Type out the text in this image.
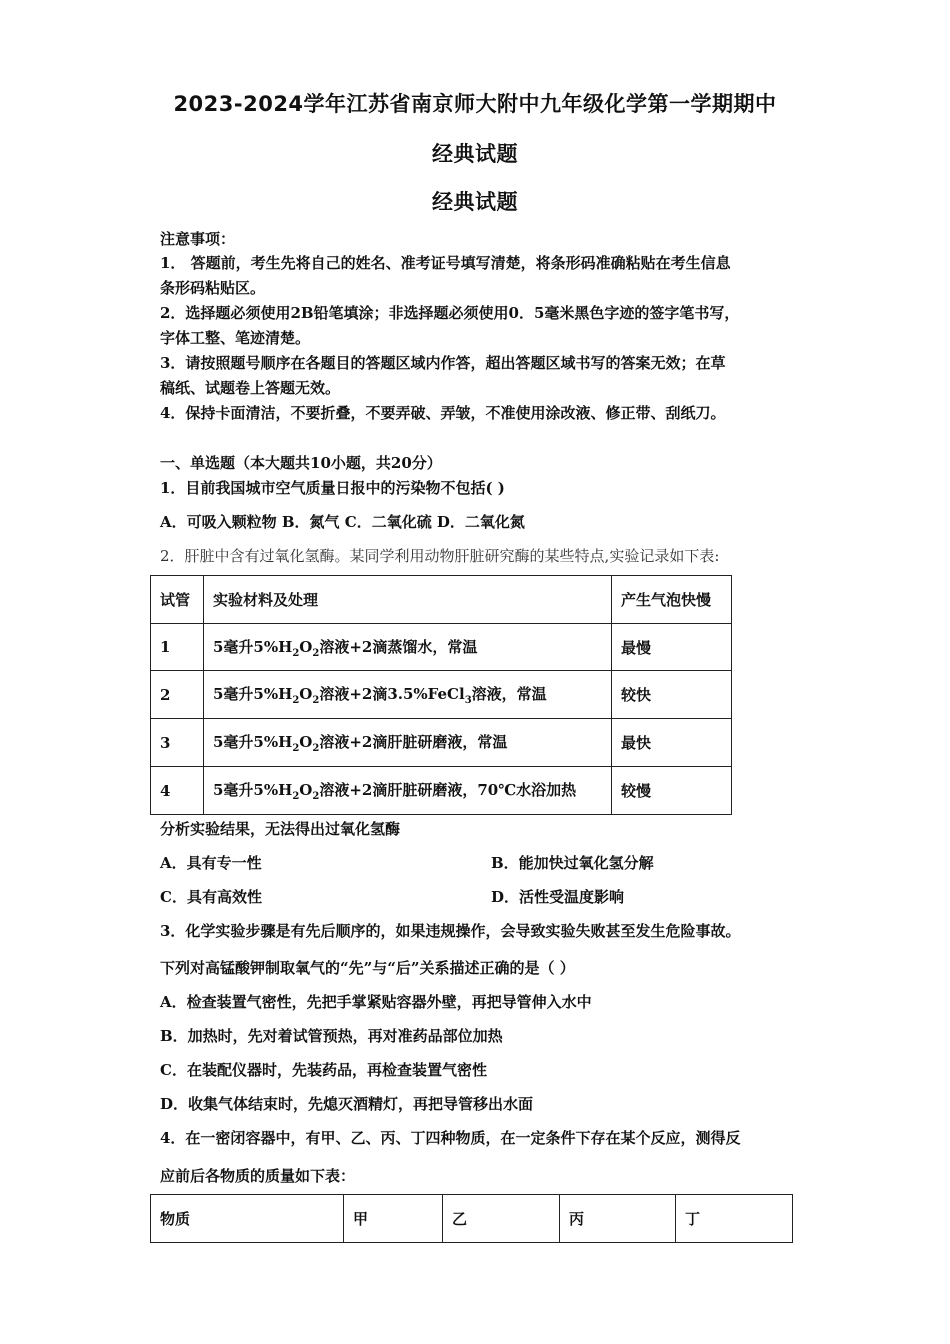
2023-2024学年江苏省南京师大附中九年级化学第一学期期中
经典试题
经典试题
注意事项：
1． 答题前，考生先将自己的姓名、准考证号填写清楚，将条形码准确粘贴在考生信息
条形码粘贴区。
2．选择题必须使用2B铅笔填涂；非选择题必须使用0．5毫米黑色字迹的签字笔书写，
字体工整、笔迹清楚。
3．请按照题号顺序在各题目的答题区域内作答，超出答题区域书写的答案无效；在草
稿纸、试题卷上答题无效。
4．保持卡面清洁，不要折叠，不要弄破、弄皱，不准使用涂改液、修正带、刮纸刀。
一、单选题（本大题共10小题，共20分）
1．目前我国城市空气质量日报中的污染物不包括( )
A．可吸入颗粒物 B．氮气 C．二氧化硫 D．二氧化氮
2．肝脏中含有过氧化氢酶。某同学利用动物肝脏研究酶的某些特点,实验记录如下表:
试管	实验材料及处理	产生气泡快慢
1	5毫升$5\%H_2O_2$溶液+2滴蒸馏水，常温	最慢
2	5毫升$5\%H_2O_2$溶液+2滴3.5%FeCl$_3$溶液，常温	较快
3	5毫升$5\%H_2O_2$溶液+2滴肝脏研磨液，常温	最快
4	5毫升$5\%H_2O_2$溶液+2滴肝脏研磨液，70℃水浴加热	较慢
分析实验结果，无法得出过氧化氢酶
A．具有专一性	B．能加快过氧化氢分解
C．具有高效性	D．活性受温度影响
3．化学实验步骤是有先后顺序的，如果违规操作，会导致实验失败甚至发生危险事故。
下列对高锰酸钾制取氧气的“先”与“后”关系描述正确的是（ ）
A．检查装置气密性，先把手掌紧贴容器外壁，再把导管伸入水中
B．加热时，先对着试管预热，再对准药品部位加热
C．在装配仪器时，先装药品，再检查装置气密性
D．收集气体结束时，先熄灭酒精灯，再把导管移出水面
4．在一密闭容器中，有甲、乙、丙、丁四种物质，在一定条件下存在某个反应，测得反
应前后各物质的质量如下表：
物质	甲	乙	丙	丁
